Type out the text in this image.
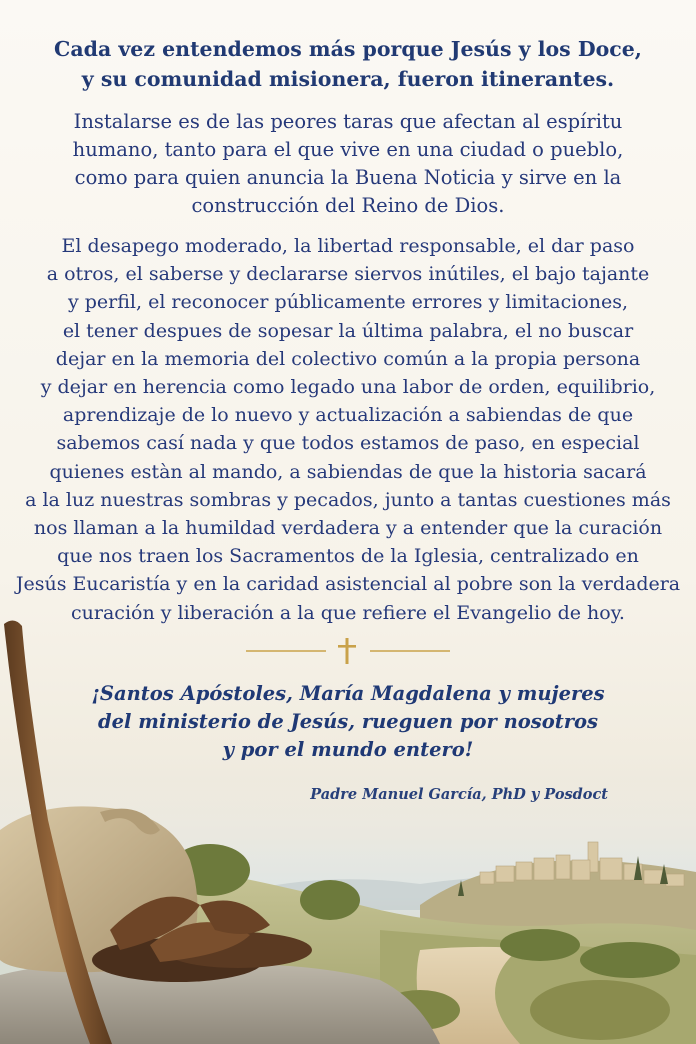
Cada vez entendemos más porque Jesús y los Doce,
y su comunidad misionera, fueron itinerantes.
Instalarse es de las peores taras que afectan al espíritu
humano, tanto para el que vive en una ciudad o pueblo,
como para quien anuncia la Buena Noticia y sirve en la
construcción del Reino de Dios.
El desapego moderado, la libertad responsable, el dar paso
a otros, el saberse y declararse siervos inútiles, el bajo tajante
y perfil, el reconocer públicamente errores y limitaciones,
el tener despues de sopesar la última palabra, el no buscar
dejar en la memoria del colectivo común a la propia persona
y dejar en herencia como legado una labor de orden, equilibrio,
aprendizaje de lo nuevo y actualización a sabiendas de que
sabemos casí nada y que todos estamos de paso, en especial
quienes estàn al mando, a sabiendas de que la historia sacará
a la luz nuestras sombras y pecados, junto a tantas cuestiones más
nos llaman a la humildad verdadera y a entender que la curación
que nos traen los Sacramentos de la Iglesia, centralizado en
Jesús Eucaristía y en la caridad asistencial al pobre son la verdadera
curación y liberación a la que refiere el Evangelio de hoy.
¡Santos Apóstoles, María Magdalena y mujeres
del ministerio de Jesús, rueguen por nosotros
y por el mundo entero!
Padre Manuel García, PhD y Posdoct
